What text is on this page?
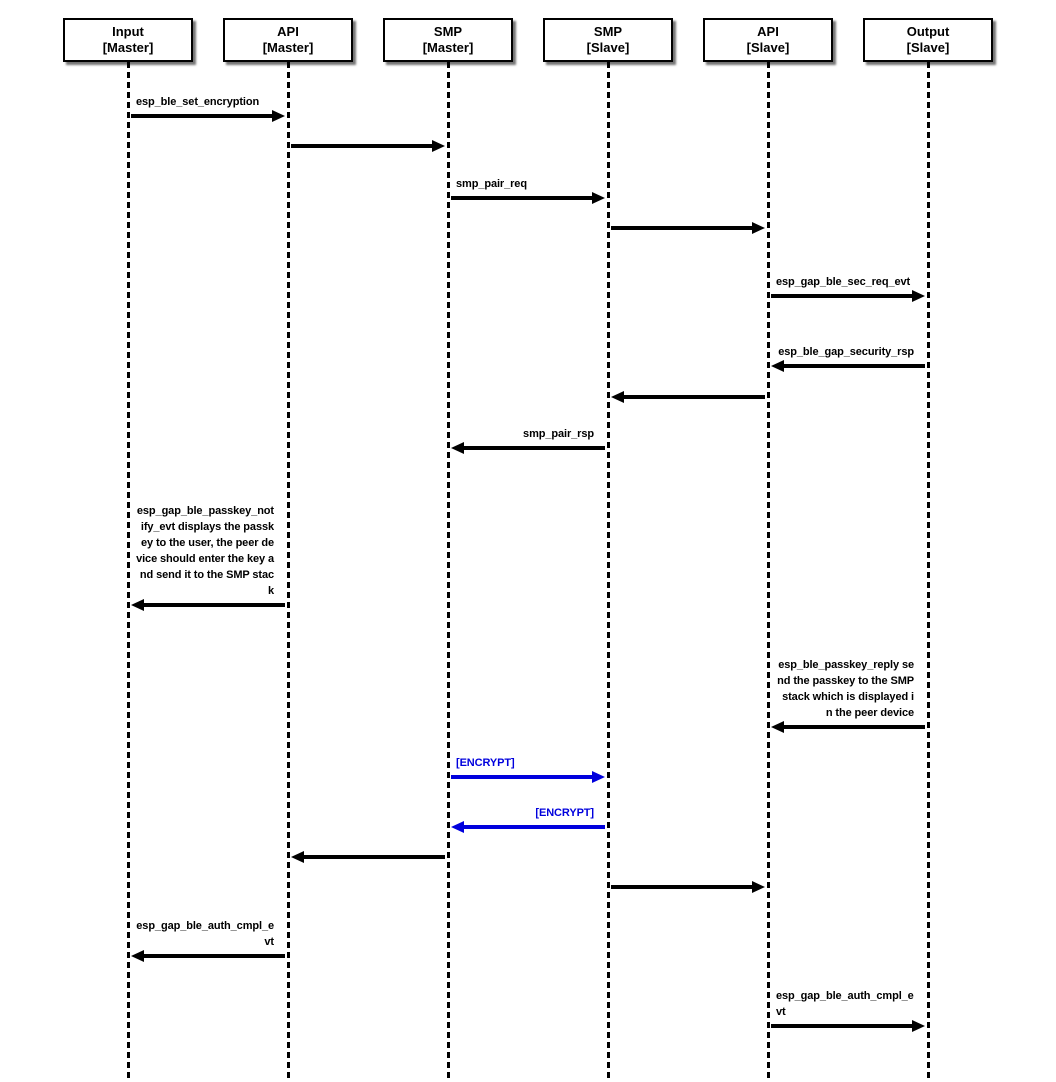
Input
[Master]
API
[Master]
SMP
[Master]
SMP
[Slave]
API
[Slave]
Output
[Slave]
esp_ble_set_encryption
smp_pair_req
esp_gap_ble_sec_req_evt
esp_ble_gap_security_rsp
smp_pair_rsp
esp_gap_ble_passkey_notify_evt displays the passkey to the user, the peer device should enter the key and send it to the SMP stack
esp_ble_passkey_reply send the passkey to the SMP stack which is displayed in the peer device
[ENCRYPT]
[ENCRYPT]
esp_gap_ble_auth_cmpl_evt
esp_gap_ble_auth_cmpl_evt
